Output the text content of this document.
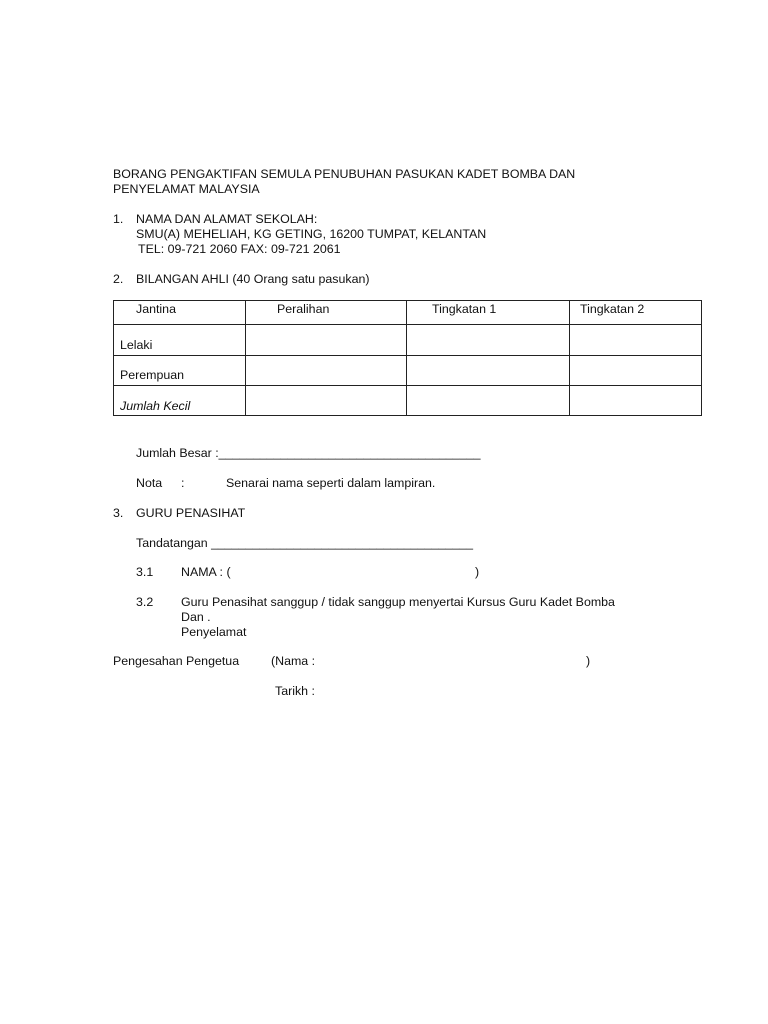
BORANG PENGAKTIFAN SEMULA PENUBUHAN PASUKAN KADET BOMBA DAN
PENYELAMAT MALAYSIA
1. NAMA DAN ALAMAT SEKOLAH:
SMU(A) MEHELIAH, KG GETING, 16200 TUMPAT, KELANTAN
TEL: 09-721 2060 FAX: 09-721 2061
2. BILANGAN AHLI (40 Orang satu pasukan)
Jantina	Peralihan	Tingkatan 1	Tingkatan 2

Lelaki			

Perempuan			

Jumlah Kecil			

Jumlah Besar :______________________________________
Nota :	Senarai nama seperti dalam lampiran.
3. GURU PENASIHAT
Tandatangan ______________________________________
3.1 NAMA : (	)
3.2 Guru Penasihat sanggup / tidak sanggup menyertai Kursus Guru Kadet Bomba
Dan .
Penyelamat
Pengesahan Pengetua	(Nama :	)
Tarikh :
